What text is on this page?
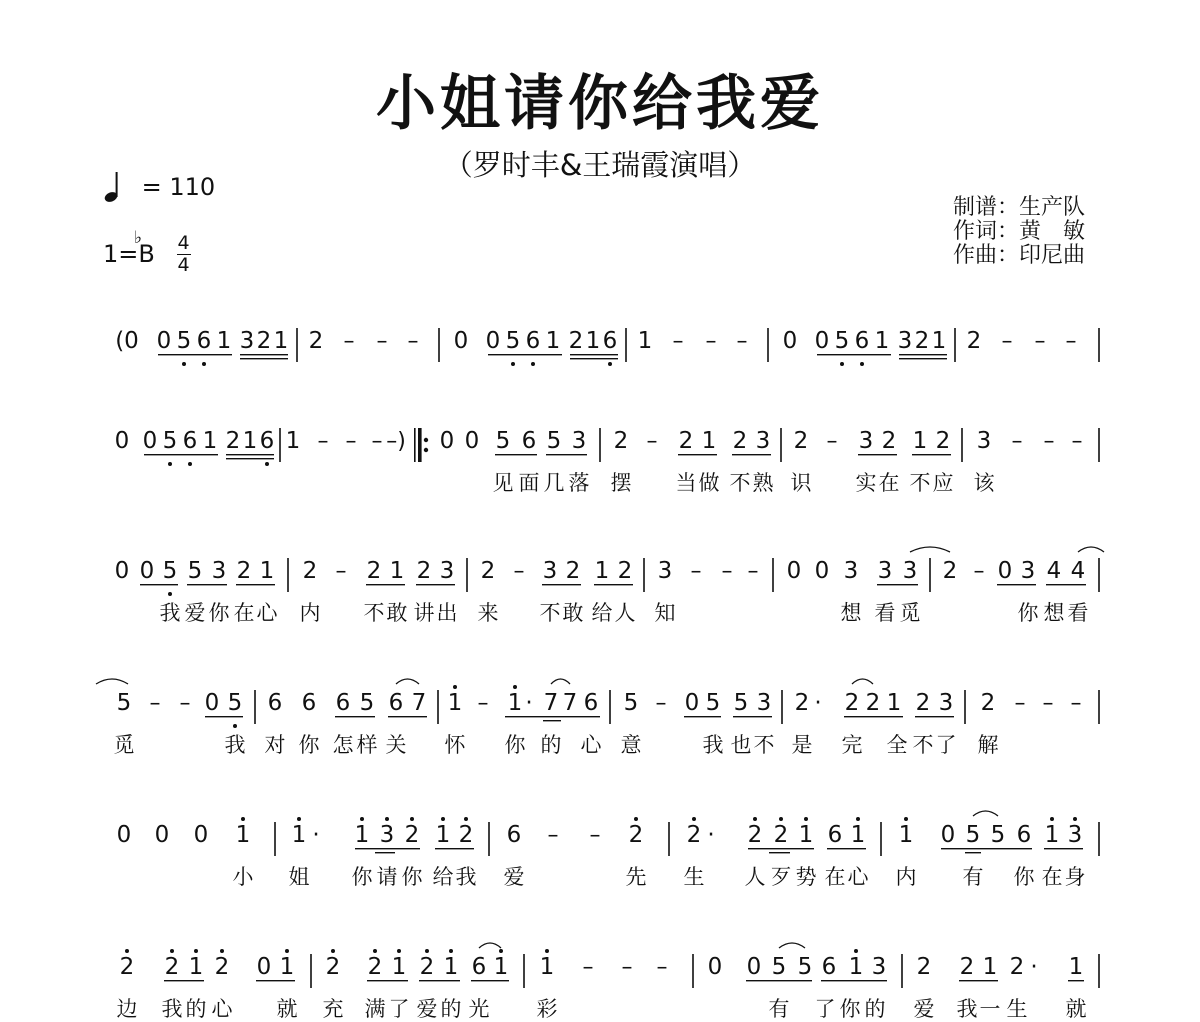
小姐请你给我爱
（罗时丰&王瑞霞演唱）
= 110
1=B
♭ $\frac{4}{4}$
制谱：生产队
作词：黄　敏
作曲：印尼曲
(0 0 5 6 1 3 2 1 2 – – – 0 0 5 6 1 2 1 6 1 – – – 0 0 5 6 1 3 2 1 2 – – –
0 0 5 6 1 2 1 6 1 – – – –) 0 0 5 6 5 3 2 – 2 1 2 3 2 – 3 2 1 2 3 – – –
见 面 几 落 摆 当 做 不 熟 识 实 在 不 应 该
0 0 5 5 3 2 1 2 – 2 1 2 3 2 – 3 2 1 2 3 – – – 0 0 3 3 3 2 – 0 3 4 4
我 爱 你 在 心 内 不 敢 讲 出 来 不 敢 给 人 知	想 看 觅	你 想 看
5 – – 0 5 6 6 6 5 6 7 1 – 1 · 7 7 6 5 – 0 5 5 3 2 · 2 2 1 2 3 2 – – –
觅	我 对 你 怎 样 关 怀 你 的 心 意	我 也 不 是 完 全 不 了 解
0 0 0 1 1 · 1 3 2 1 2 6 – – 2 2 · 2 2 1 6 1 1 0 5 5 6 1 3
小 姐 你 请 你 给 我 爱	先 生 人 歹 势 在 心 内 有 你 在 身
2 2 1 2 0 1 2 2 1 2 1 6 1 1 – – – 0 0 5 5 6 1 3 2 2 1 2 · 1
边 我 的 心 就 充 满 了 爱 的 光 彩	有 了 你 的 爱 我 一 生 就
